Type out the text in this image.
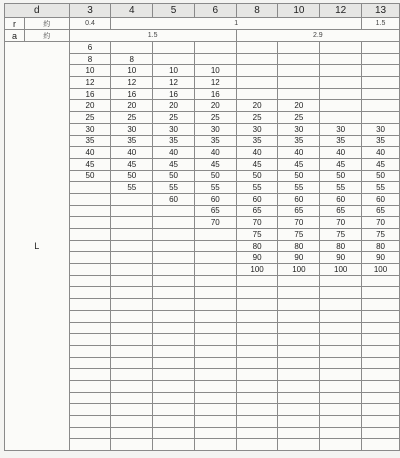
d		3	4	5	6	8	10	12	13
r	約	0.4	1						1.5
a	約	1.5				2.9			
L		6							
		8	8						
		10	10	10	10				
		12	12	12	12				
		16	16	16	16				
		20	20	20	20	20	20		
		25	25	25	25	25	25		
		30	30	30	30	30	30	30	30
		35	35	35	35	35	35	35	35
		40	40	40	40	40	40	40	40
		45	45	45	45	45	45	45	45
		50	50	50	50	50	50	50	50
			55	55	55	55	55	55	55
				60	60	60	60	60	60
					65	65	65	65	65
					70	70	70	70	70
						75	75	75	75
						80	80	80	80
						90	90	90	90
						100	100	100	100
